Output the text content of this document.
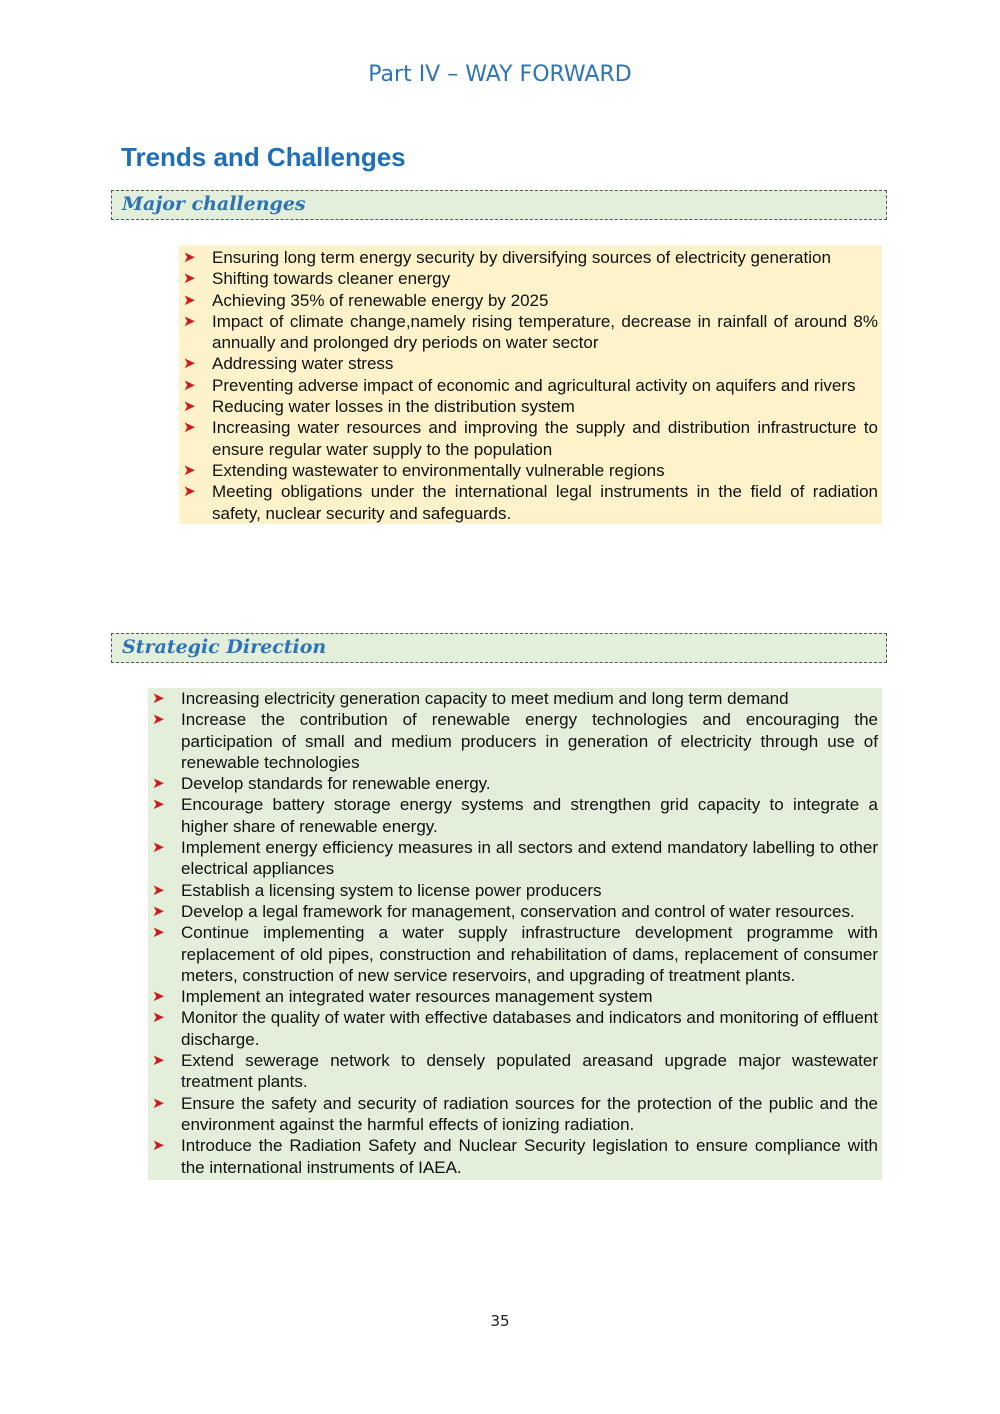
Part IV – WAY FORWARD
Trends and Challenges
Major challenges
➤ Ensuring long term energy security by diversifying sources of electricity generation
➤ Shifting towards cleaner energy
➤ Achieving 35% of renewable energy by 2025
➤ Impact of climate change,namely rising temperature, decrease in rainfall of around 8% annually and prolonged dry periods on water sector
➤ Addressing water stress
➤ Preventing adverse impact of economic and agricultural activity on aquifers and rivers
➤ Reducing water losses in the distribution system
➤ Increasing water resources and improving the supply and distribution infrastructure to ensure regular water supply to the population
➤ Extending wastewater to environmentally vulnerable regions
➤ Meeting obligations under the international legal instruments in the field of radiation safety, nuclear security and safeguards.
Strategic Direction
➤ Increasing electricity generation capacity to meet medium and long term demand
➤ Increase the contribution of renewable energy technologies and encouraging the participation of small and medium producers in generation of electricity through use of renewable technologies
➤ Develop standards for renewable energy.
➤ Encourage battery storage energy systems and strengthen grid capacity to integrate a higher share of renewable energy.
➤ Implement energy efficiency measures in all sectors and extend mandatory labelling to other electrical appliances
➤ Establish a licensing system to license power producers
➤ Develop a legal framework for management, conservation and control of water resources.
➤ Continue implementing a water supply infrastructure development programme with replacement of old pipes, construction and rehabilitation of dams, replacement of consumer meters, construction of new service reservoirs, and upgrading of treatment plants.
➤ Implement an integrated water resources management system
➤ Monitor the quality of water with effective databases and indicators and monitoring of effluent discharge.
➤ Extend sewerage network to densely populated areasand upgrade major wastewater treatment plants.
➤ Ensure the safety and security of radiation sources for the protection of the public and the environment against the harmful effects of ionizing radiation.
➤ Introduce the Radiation Safety and Nuclear Security legislation to ensure compliance with the international instruments of IAEA.
35
